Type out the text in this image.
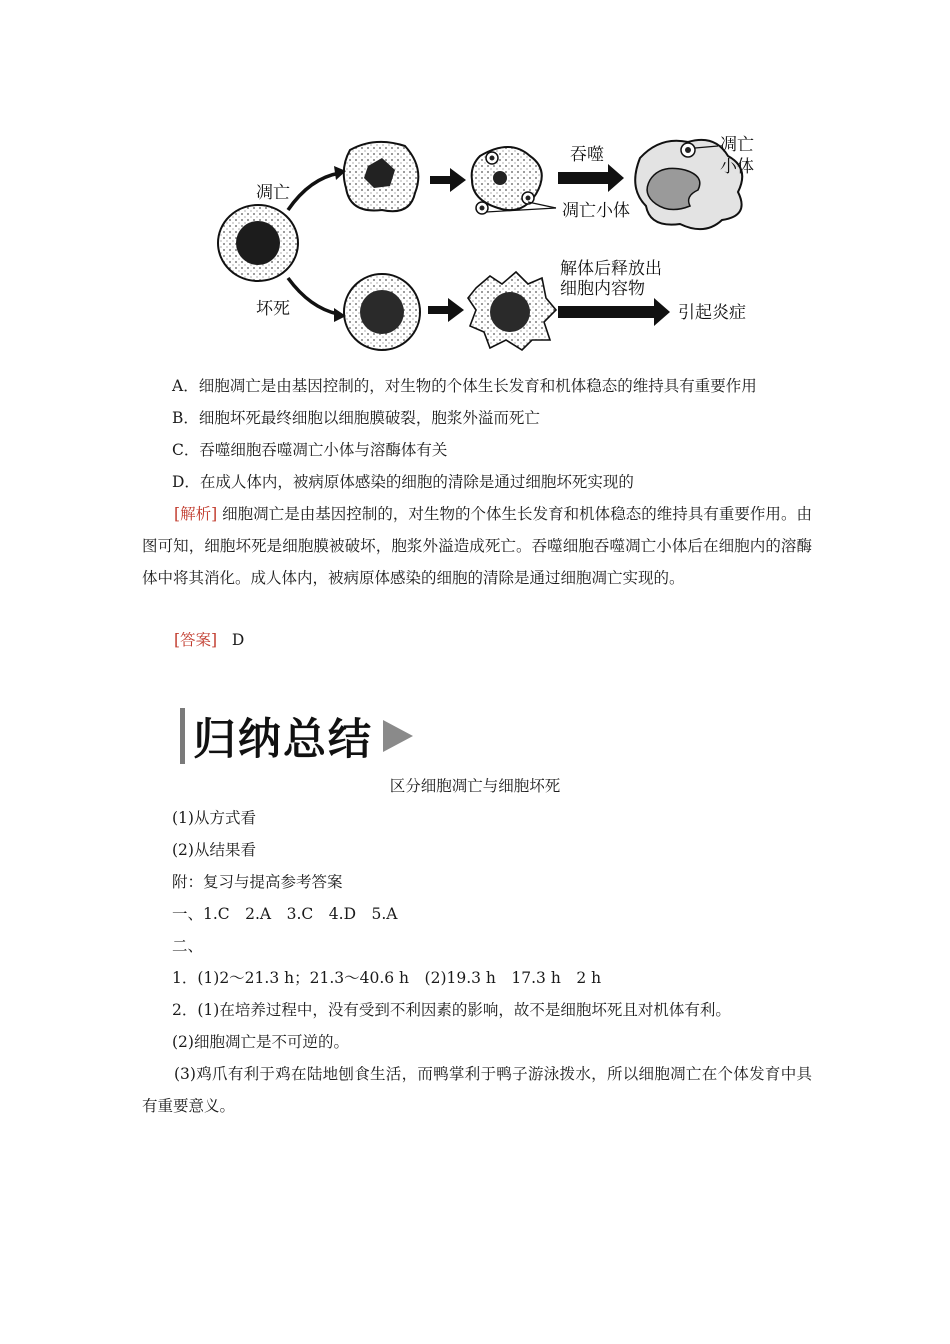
凋亡
坏死
凋亡小体
吞噬	凋亡
小体
解体后释放出
细胞内容物
引起炎症
A．细胞凋亡是由基因控制的，对生物的个体生长发育和机体稳态的维持具有重要作用
B．细胞坏死最终细胞以细胞膜破裂，胞浆外溢而死亡
C．吞噬细胞吞噬凋亡小体与溶酶体有关
D．在成人体内，被病原体感染的细胞的清除是通过细胞坏死实现的
[解析] 细胞凋亡是由基因控制的，对生物的个体生长发育和机体稳态的维持具有重要作用。由图可知，细胞坏死是细胞膜被破坏，胞浆外溢造成死亡。吞噬细胞吞噬凋亡小体后在细胞内的溶酶体中将其消化。成人体内，被病原体感染的细胞的清除是通过细胞凋亡实现的。
[答案] D
归纳总结
区分细胞凋亡与细胞坏死
(1)从方式看
(2)从结果看
附：复习与提高参考答案
一、1.C　2.A　3.C　4.D　5.A
二、
1．(1)2～21.3 h；21.3～40.6 h　(2)19.3 h　17.3 h　2 h
2．(1)在培养过程中，没有受到不利因素的影响，故不是细胞坏死且对机体有利。
(2)细胞凋亡是不可逆的。
(3)鸡爪有利于鸡在陆地刨食生活，而鸭掌利于鸭子游泳拨水，所以细胞凋亡在个体发育中具有重要意义。
